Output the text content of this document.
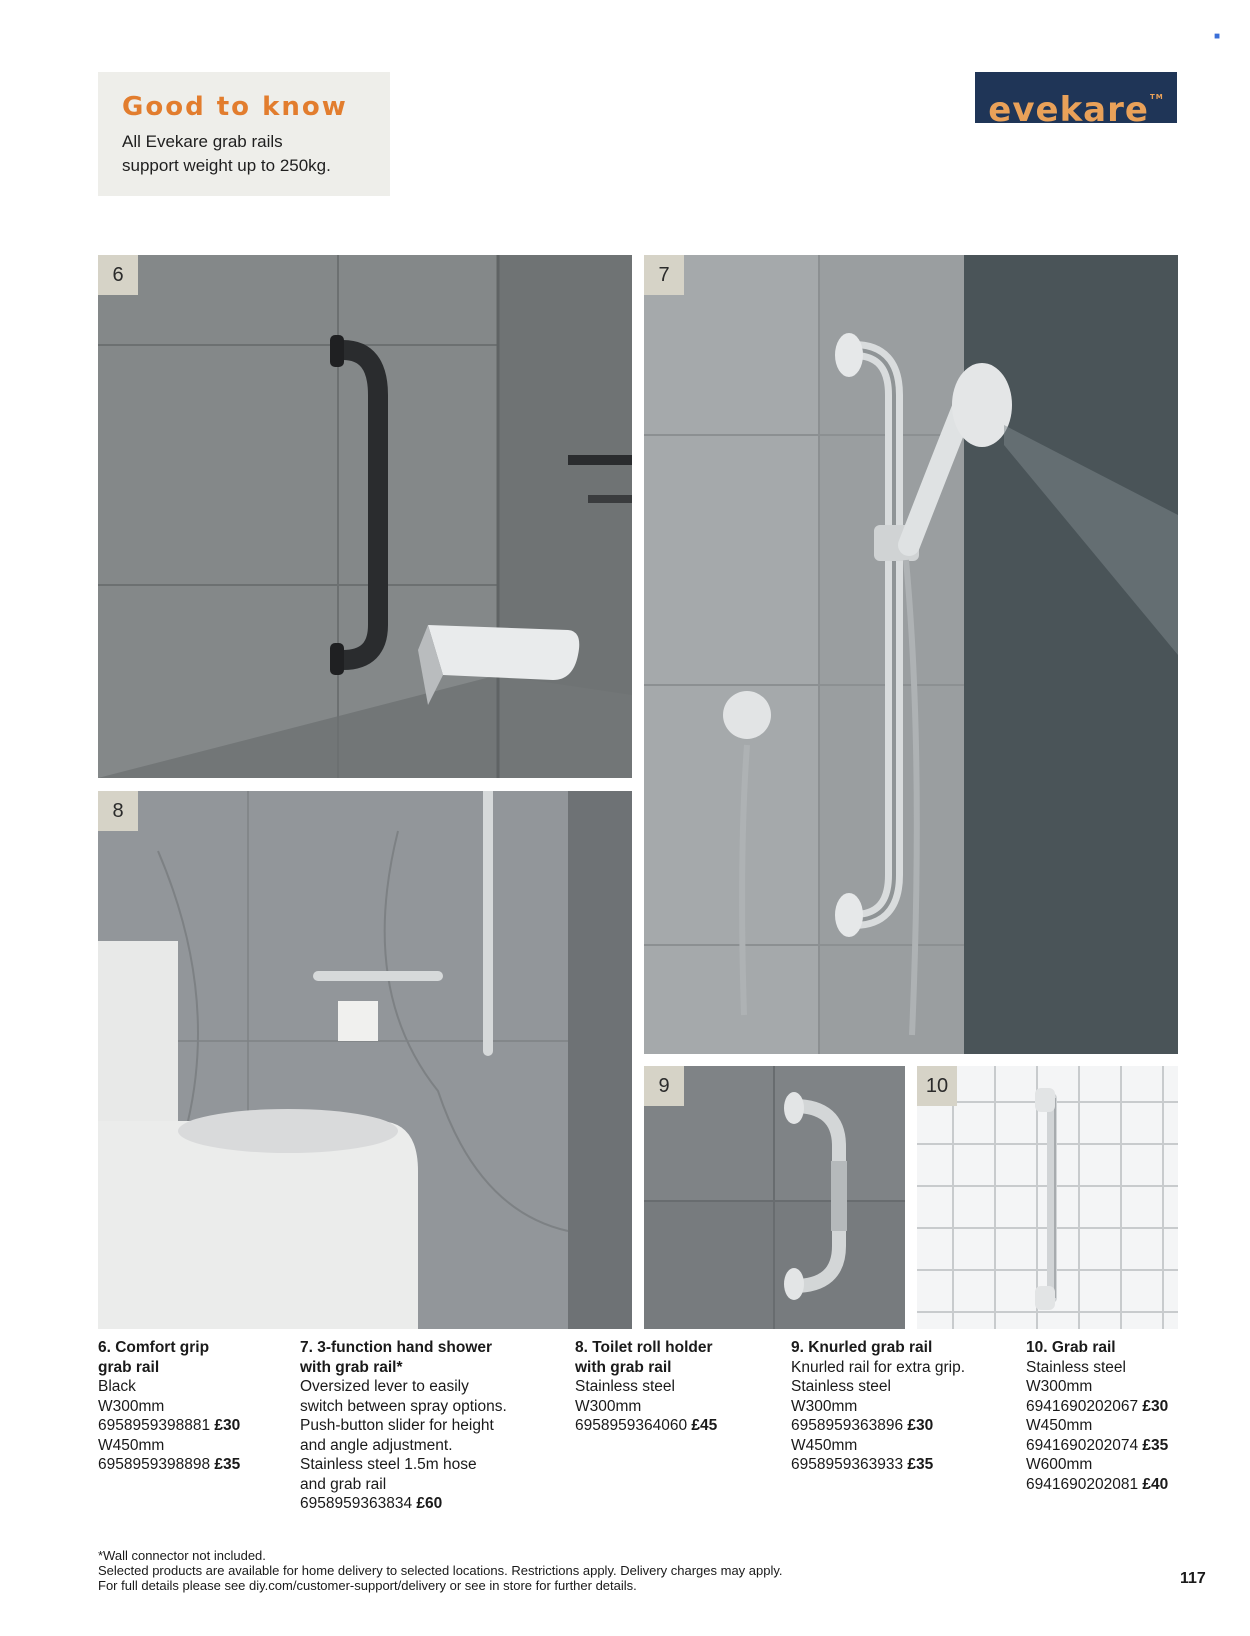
■
Good to know

All Evekare grab rails
support weight up to 250kg.

evekare™
6	7
8
9	10
6. Comfort grip
grab rail
Black
W300mm
6958959398881 £30
W450mm
6958959398898 £35
7. 3-function hand shower
with grab rail*
Oversized lever to easily
switch between spray options.
Push-button slider for height
and angle adjustment.
Stainless steel 1.5m hose
and grab rail
6958959363834 £60
8. Toilet roll holder
with grab rail
Stainless steel
W300mm
6958959364060 £45
9. Knurled grab rail
Knurled rail for extra grip.
Stainless steel
W300mm
6958959363896 £30
W450mm
6958959363933 £35
10. Grab rail
Stainless steel
W300mm
6941690202067 £30
W450mm
6941690202074 £35
W600mm
6941690202081 £40
*Wall connector not included.
Selected products are available for home delivery to selected locations. Restrictions apply. Delivery charges may apply.
For full details please see diy.com/customer-support/delivery or see in store for further details.	117
